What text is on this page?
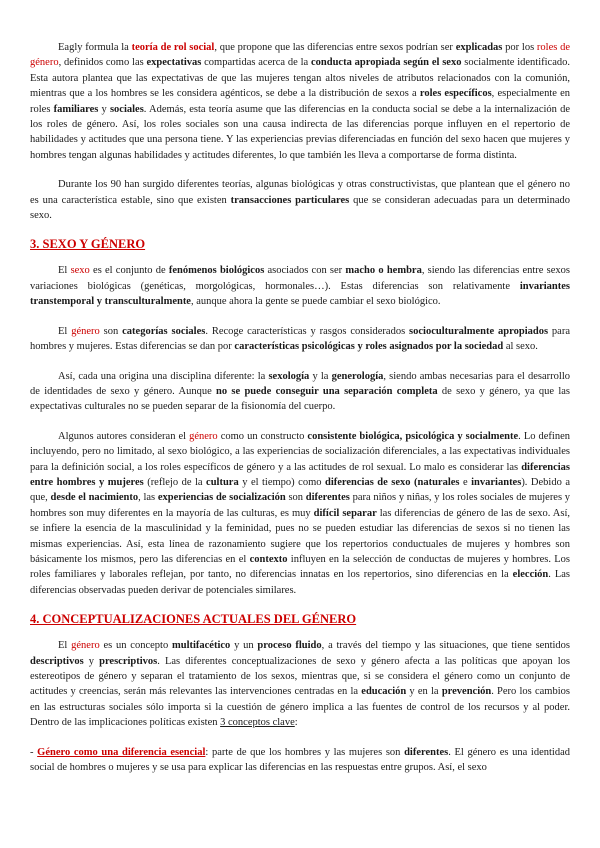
Eagly formula la teoría de rol social, que propone que las diferencias entre sexos podrían ser explicadas por los roles de género, definidos como las expectativas compartidas acerca de la conducta apropiada según el sexo socialmente identificado. Esta autora plantea que las expectativas de que las mujeres tengan altos niveles de atributos relacionados con la comunión, mientras que a los hombres se les considera agénticos, se debe a la distribución de sexos a roles específicos, especialmente en roles familiares y sociales. Además, esta teoría asume que las diferencias en la conducta social se debe a la internalización de los roles de género. Así, los roles sociales son una causa indirecta de las diferencias porque influyen en el repertorio de habilidades y actitudes que una persona tiene. Y las experiencias previas diferenciadas en función del sexo hacen que mujeres y hombres tengan algunas habilidades y actitudes diferentes, lo que también les lleva a comportarse de forma distinta.

Durante los 90 han surgido diferentes teorías, algunas biológicas y otras constructivistas, que plantean que el género no es una característica estable, sino que existen transacciones particulares que se consideran adecuadas para un determinado sexo.

3. SEXO Y GÉNERO

El sexo es el conjunto de fenómenos biológicos asociados con ser macho o hembra, siendo las diferencias entre sexos variaciones biológicas (genéticas, morgológicas, hormonales…). Estas diferencias son relativamente invariantes transtemporal y transculturalmente, aunque ahora la gente se puede cambiar el sexo biológico.

El género son categorías sociales. Recoge características y rasgos considerados socioculturalmente apropiados para hombres y mujeres. Estas diferencias se dan por características psicológicas y roles asignados por la sociedad al sexo.

Así, cada una origina una disciplina diferente: la sexología y la generología, siendo ambas necesarias para el desarrollo de identidades de sexo y género. Aunque no se puede conseguir una separación completa de sexo y género, ya que las expectativas culturales no se pueden separar de la fisionomía del cuerpo.

Algunos autores consideran el género como un constructo consistente biológica, psicológica y socialmente. Lo definen incluyendo, pero no limitado, al sexo biológico, a las experiencias de socialización diferenciales, a las expectativas individuales para la definición social, a los roles específicos de género y a las actitudes de rol sexual. Lo malo es considerar las diferencias entre hombres y mujeres (reflejo de la cultura y el tiempo) como diferencias de sexo (naturales e invariantes). Debido a que, desde el nacimiento, las experiencias de socialización son diferentes para niños y niñas, y los roles sociales de mujeres y hombres son muy diferentes en la mayoría de las culturas, es muy difícil separar las diferencias de género de las de sexo. Así, se infiere la esencia de la masculinidad y la feminidad, pues no se pueden estudiar las diferencias de sexos si no tienen las mismas experiencias. Así, esta línea de razonamiento sugiere que los repertorios conductuales de mujeres y hombres son básicamente los mismos, pero las diferencias en el contexto influyen en la selección de conductas de mujeres y hombres. Los roles familiares y laborales reflejan, por tanto, no diferencias innatas en los repertorios, sino diferencias en la elección. Las diferencias observadas pueden derivar de potenciales similares.

4. CONCEPTUALIZACIONES ACTUALES DEL GÉNERO

El género es un concepto multifacético y un proceso fluido, a través del tiempo y las situaciones, que tiene sentidos descriptivos y prescriptivos. Las diferentes conceptualizaciones de sexo y género afecta a las políticas que apoyan los estereotipos de género y separan el tratamiento de los sexos, mientras que, si se considera el género como un conjunto de actitudes y creencias, serán más relevantes las intervenciones centradas en la educación y en la prevención. Pero los cambios en las estructuras sociales sólo importa si la cuestión de género implica a las fuentes de control de los recursos y al poder. Dentro de las implicaciones políticas existen 3 conceptos clave:

- Género como una diferencia esencial: parte de que los hombres y las mujeres son diferentes. El género es una identidad social de hombres o mujeres y se usa para explicar las diferencias en las respuestas entre grupos. Así, el sexo
